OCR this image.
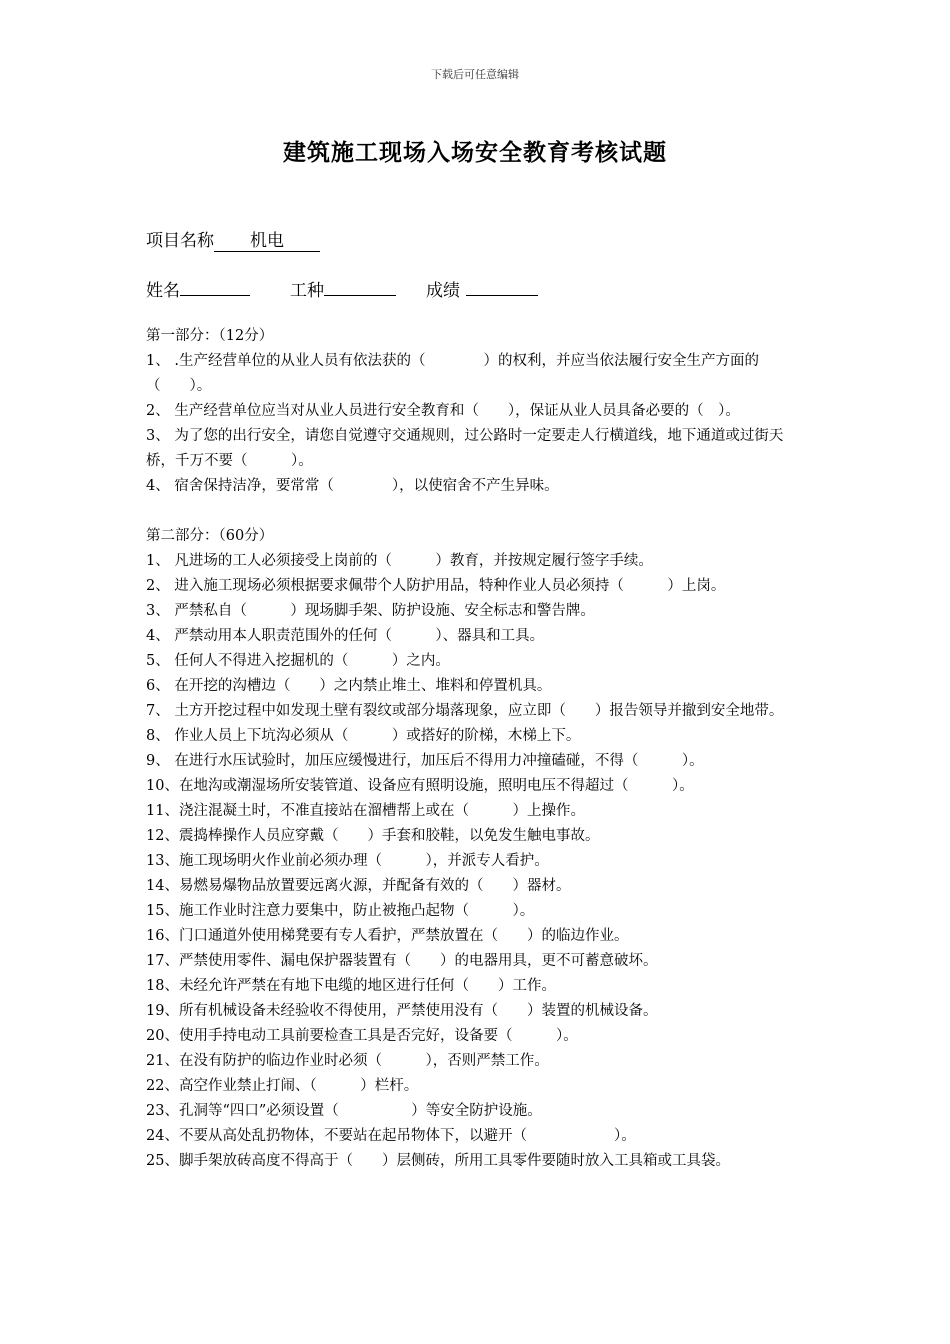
下载后可任意编辑
建筑施工现场入场安全教育考核试题
项目名称 机电
姓名	工种	成绩

第一部分：（12分）

1、 .生产经营单位的从业人员有依法获的（　　　　）的权利，并应当依法履行安全生产方面的（　　）。

2、 生产经营单位应当对从业人员进行安全教育和（　　），保证从业人员具备必要的（　）。

3、 为了您的出行安全，请您自觉遵守交通规则，过公路时一定要走人行横道线，地下通道或过街天桥，千万不要（　　　）。

4、 宿舍保持洁净，要常常（　　　　），以使宿舍不产生异味。

第二部分：（60分）

1、 凡进场的工人必须接受上岗前的（　　　）教育，并按规定履行签字手续。

2、 进入施工现场必须根据要求佩带个人防护用品，特种作业人员必须持（　　　）上岗。

3、 严禁私自（　　　）现场脚手架、防护设施、安全标志和警告牌。

4、 严禁动用本人职责范围外的任何（　　　）、器具和工具。

5、 任何人不得进入挖掘机的（　　　）之内。

6、 在开挖的沟槽边（　　）之内禁止堆土、堆料和停置机具。

7、 土方开挖过程中如发现土壁有裂纹或部分塌落现象，应立即（　　）报告领导并撤到安全地带。

8、 作业人员上下坑沟必须从（　　　）或搭好的阶梯，木梯上下。

9、 在进行水压试验时，加压应缓慢进行，加压后不得用力冲撞磕碰，不得（　　　）。

10、在地沟或潮湿场所安装管道、设备应有照明设施，照明电压不得超过（　　　）。

11、浇注混凝土时，不准直接站在溜槽帮上或在（　　　）上操作。

12、震捣棒操作人员应穿戴（　　）手套和胶鞋，以免发生触电事故。

13、施工现场明火作业前必须办理（　　　），并派专人看护。

14、易燃易爆物品放置要远离火源，并配备有效的（　　）器材。

15、施工作业时注意力要集中，防止被拖凸起物（　　　）。

16、门口通道外使用梯凳要有专人看护，严禁放置在（　　）的临边作业。

17、严禁使用零件、漏电保护器装置有（　　）的电器用具，更不可蓄意破坏。

18、未经允许严禁在有地下电缆的地区进行任何（　　）工作。

19、所有机械设备未经验收不得使用，严禁使用没有（　　）装置的机械设备。

20、使用手持电动工具前要检查工具是否完好，设备要（　　　）。

21、在没有防护的临边作业时必须（　　　），否则严禁工作。

22、高空作业禁止打闹、（　　　）栏杆。

23、孔洞等“四口”必须设置（　　　　　）等安全防护设施。

24、不要从高处乱扔物体，不要站在起吊物体下，以避开（　　　　　　）。

25、脚手架放砖高度不得高于（　　）层侧砖，所用工具零件要随时放入工具箱或工具袋。
